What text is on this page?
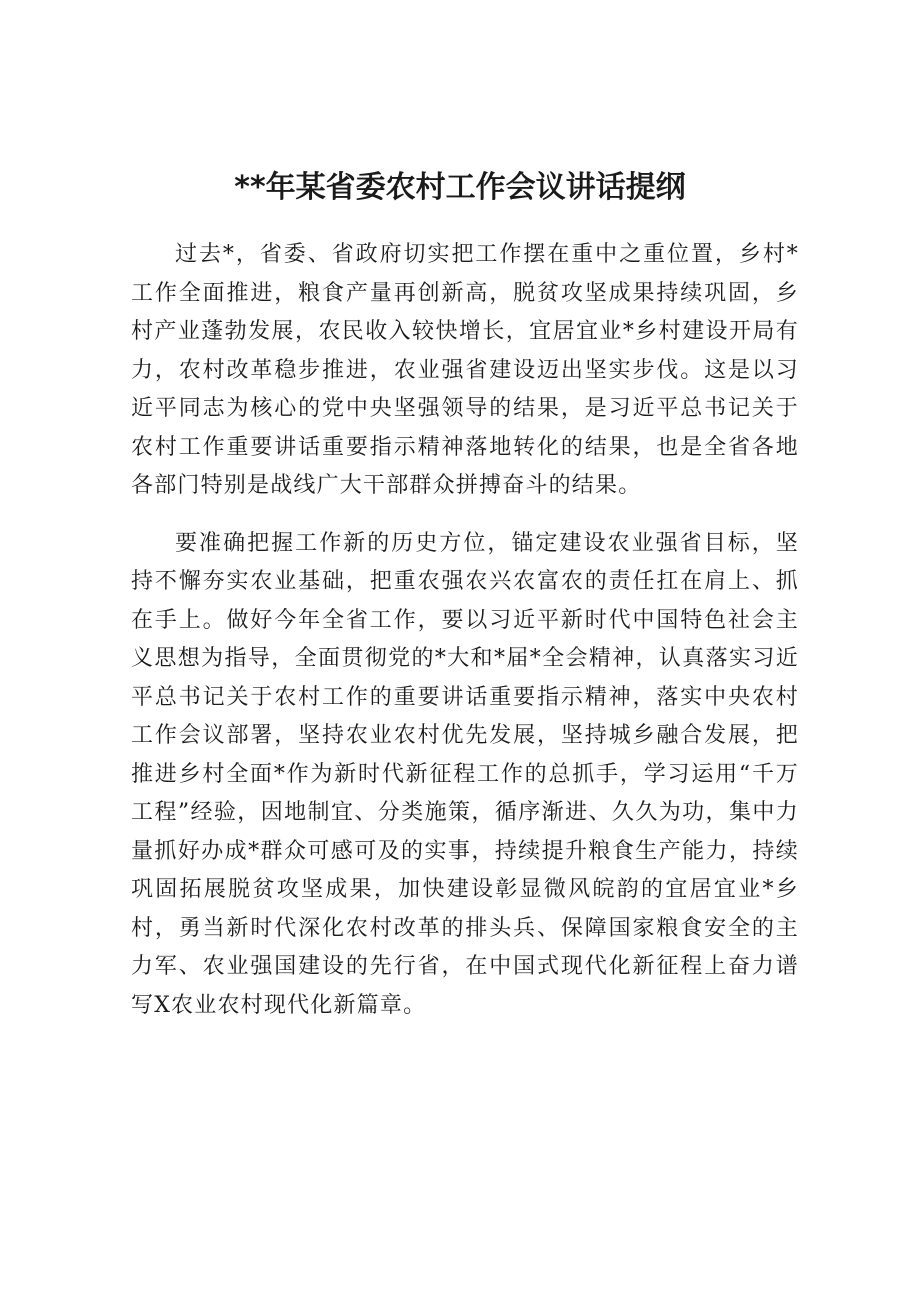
**年某省委农村工作会议讲话提纲

过去*，省委、省政府切实把工作摆在重中之重位置，乡村*工作全面推进，粮食产量再创新高，脱贫攻坚成果持续巩固，乡村产业蓬勃发展，农民收入较快增长，宜居宜业*乡村建设开局有力，农村改革稳步推进，农业强省建设迈出坚实步伐。这是以习近平同志为核心的党中央坚强领导的结果，是习近平总书记关于农村工作重要讲话重要指示精神落地转化的结果，也是全省各地各部门特别是战线广大干部群众拼搏奋斗的结果。

要准确把握工作新的历史方位，锚定建设农业强省目标，坚持不懈夯实农业基础，把重农强农兴农富农的责任扛在肩上、抓在手上。做好今年全省工作，要以习近平新时代中国特色社会主义思想为指导，全面贯彻党的*大和*届*全会精神，认真落实习近平总书记关于农村工作的重要讲话重要指示精神，落实中央农村工作会议部署，坚持农业农村优先发展，坚持城乡融合发展，把推进乡村全面*作为新时代新征程工作的总抓手，学习运用“千万工程”经验，因地制宜、分类施策，循序渐进、久久为功，集中力量抓好办成*群众可感可及的实事，持续提升粮食生产能力，持续巩固拓展脱贫攻坚成果，加快建设彰显微风皖韵的宜居宜业*乡村，勇当新时代深化农村改革的排头兵、保障国家粮食安全的主力军、农业强国建设的先行省，在中国式现代化新征程上奋力谱写X农业农村现代化新篇章。
